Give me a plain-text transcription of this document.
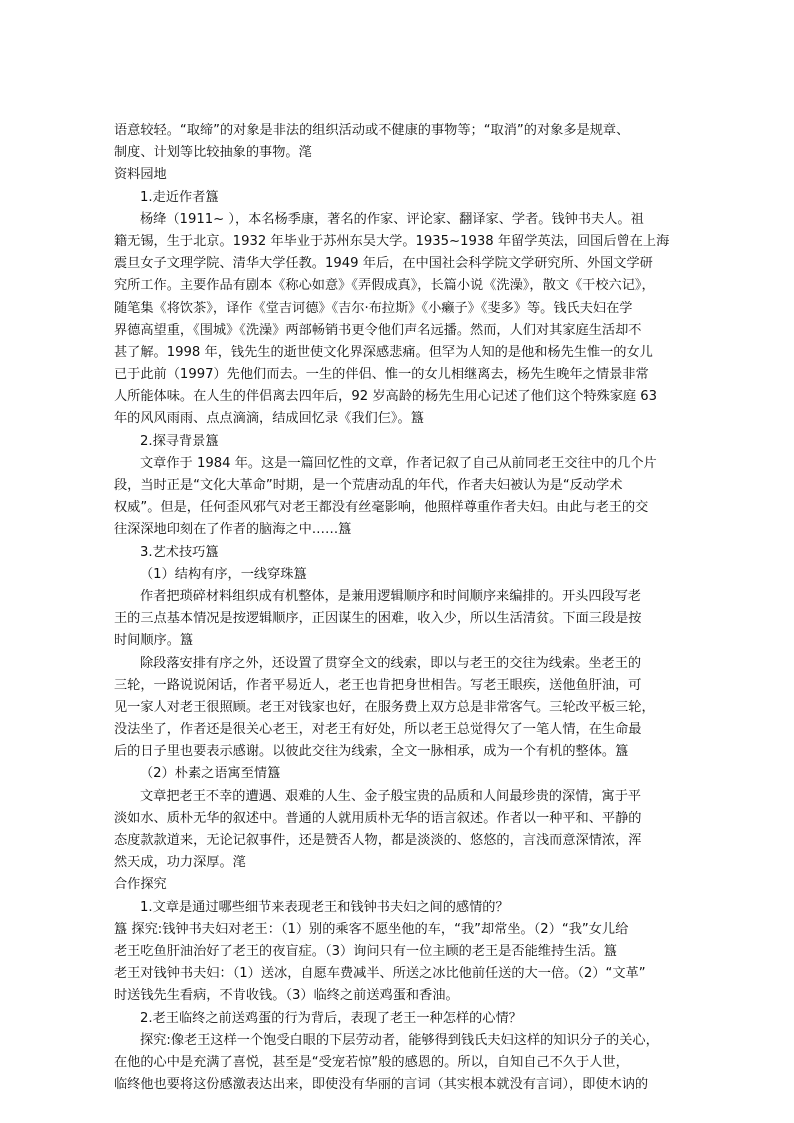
语意较轻。“取缔”的对象是非法的组织活动或不健康的事物等；“取消”的对象多是规章、
制度、计划等比较抽象的事物。滗
资料园地
1.走近作者簋
杨绛（1911~ ），本名杨季康，著名的作家、评论家、翻译家、学者。钱钟书夫人。祖
籍无锡，生于北京。1932 年毕业于苏州东吴大学。1935~1938 年留学英法，回国后曾在上海
震旦女子文理学院、清华大学任教。1949 年后，在中国社会科学院文学研究所、外国文学研
究所工作。主要作品有剧本《称心如意》《弄假成真》，长篇小说《洗澡》，散文《干校六记》，
随笔集《将饮茶》，译作《堂吉诃德》《吉尔·布拉斯》《小癞子》《斐多》等。钱氏夫妇在学
界德高望重，《围城》《洗澡》两部畅销书更令他们声名远播。然而，人们对其家庭生活却不
甚了解。1998 年，钱先生的逝世使文化界深感悲痛。但罕为人知的是他和杨先生惟一的女儿
已于此前（1997）先他们而去。一生的伴侣、惟一的女儿相继离去，杨先生晚年之情景非常
人所能体味。在人生的伴侣离去四年后，92 岁高龄的杨先生用心记述了他们这个特殊家庭 63
年的风风雨雨、点点滴滴，结成回忆录《我们仨》。簋
2.探寻背景簋
文章作于 1984 年。这是一篇回忆性的文章，作者记叙了自己从前同老王交往中的几个片
段，当时正是“文化大革命”时期，是一个荒唐动乱的年代，作者夫妇被认为是“反动学术
权威”。但是，任何歪风邪气对老王都没有丝毫影响，他照样尊重作者夫妇。由此与老王的交
往深深地印刻在了作者的脑海之中……簋
3.艺术技巧簋
（1）结构有序，一线穿珠簋
作者把琐碎材料组织成有机整体，是兼用逻辑顺序和时间顺序来编排的。开头四段写老
王的三点基本情况是按逻辑顺序，正因谋生的困难，收入少，所以生活清贫。下面三段是按
时间顺序。簋
除段落安排有序之外，还设置了贯穿全文的线索，即以与老王的交往为线索。坐老王的
三轮，一路说说闲话，作者平易近人，老王也肯把身世相告。写老王眼疾，送他鱼肝油，可
见一家人对老王很照顾。老王对钱家也好，在服务费上双方总是非常客气。三轮改平板三轮，
没法坐了，作者还是很关心老王，对老王有好处，所以老王总觉得欠了一笔人情，在生命最
后的日子里也要表示感谢。以彼此交往为线索，全文一脉相承，成为一个有机的整体。簋
（2）朴素之语寓至情簋
文章把老王不幸的遭遇、艰难的人生、金子般宝贵的品质和人间最珍贵的深情，寓于平
淡如水、质朴无华的叙述中。普通的人就用质朴无华的语言叙述。作者以一种平和、平静的
态度款款道来，无论记叙事件，还是赞否人物，都是淡淡的、悠悠的，言浅而意深情浓，浑
然天成，功力深厚。滗
合作探究
1.文章是通过哪些细节来表现老王和钱钟书夫妇之间的感情的？
簋 探究:钱钟书夫妇对老王：（1）别的乘客不愿坐他的车，“我”却常坐。（2）“我”女儿给
老王吃鱼肝油治好了老王的夜盲症。（3）询问只有一位主顾的老王是否能维持生活。簋
老王对钱钟书夫妇：（1）送冰，自愿车费减半、所送之冰比他前任送的大一倍。（2）“文革”
时送钱先生看病，不肯收钱。（3）临终之前送鸡蛋和香油。
2.老王临终之前送鸡蛋的行为背后，表现了老王一种怎样的心情？
探究:像老王这样一个饱受白眼的下层劳动者，能够得到钱氏夫妇这样的知识分子的关心，
在他的心中是充满了喜悦，甚至是“受宠若惊”般的感恩的。所以，自知自己不久于人世，
临终他也要将这份感激表达出来，即使没有华丽的言词（其实根本就没有言词），即使木讷的
